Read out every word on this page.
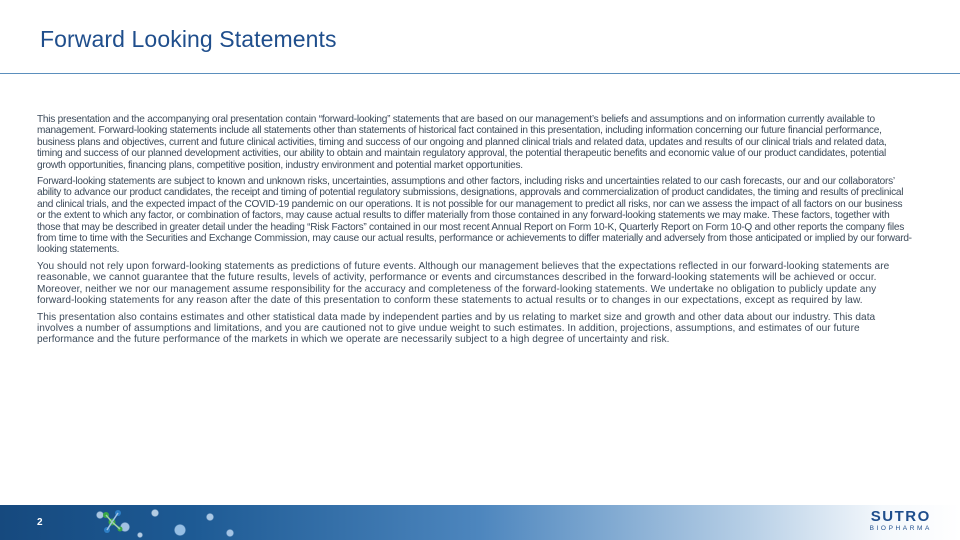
Forward Looking Statements

This presentation and the accompanying oral presentation contain “forward-looking” statements that are based on our management’s beliefs and assumptions and on information currently available to management. Forward-looking statements include all statements other than statements of historical fact contained in this presentation, including information concerning our future financial performance, business plans and objectives, current and future clinical activities, timing and success of our ongoing and planned clinical trials and related data, updates and results of our clinical trials and related data, timing and success of our planned development activities, our ability to obtain and maintain regulatory approval, the potential therapeutic benefits and economic value of our product candidates, potential growth opportunities, financing plans, competitive position, industry environment and potential market opportunities.

Forward-looking statements are subject to known and unknown risks, uncertainties, assumptions and other factors, including risks and uncertainties related to our cash forecasts, our and our collaborators’ ability to advance our product candidates, the receipt and timing of potential regulatory submissions, designations, approvals and commercialization of product candidates, the timing and results of preclinical and clinical trials, and the expected impact of the COVID-19 pandemic on our operations. It is not possible for our management to predict all risks, nor can we assess the impact of all factors on our business or the extent to which any factor, or combination of factors, may cause actual results to differ materially from those contained in any forward-looking statements we may make. These factors, together with those that may be described in greater detail under the heading “Risk Factors” contained in our most recent Annual Report on Form 10-K, Quarterly Report on Form 10-Q and other reports the company files from time to time with the Securities and Exchange Commission, may cause our actual results, performance or achievements to differ materially and adversely from those anticipated or implied by our forward-looking statements.

You should not rely upon forward-looking statements as predictions of future events. Although our management believes that the expectations reflected in our forward-looking statements are reasonable, we cannot guarantee that the future results, levels of activity, performance or events and circumstances described in the forward-looking statements will be achieved or occur. Moreover, neither we nor our management assume responsibility for the accuracy and completeness of the forward-looking statements. We undertake no obligation to publicly update any forward-looking statements for any reason after the date of this presentation to conform these statements to actual results or to changes in our expectations, except as required by law.

This presentation also contains estimates and other statistical data made by independent parties and by us relating to market size and growth and other data about our industry. This data involves a number of assumptions and limitations, and you are cautioned not to give undue weight to such estimates. In addition, projections, assumptions, and estimates of our future performance and the future performance of the markets in which we operate are necessarily subject to a high degree of uncertainty and risk.

2	SUTRO
BIOPHARMA
